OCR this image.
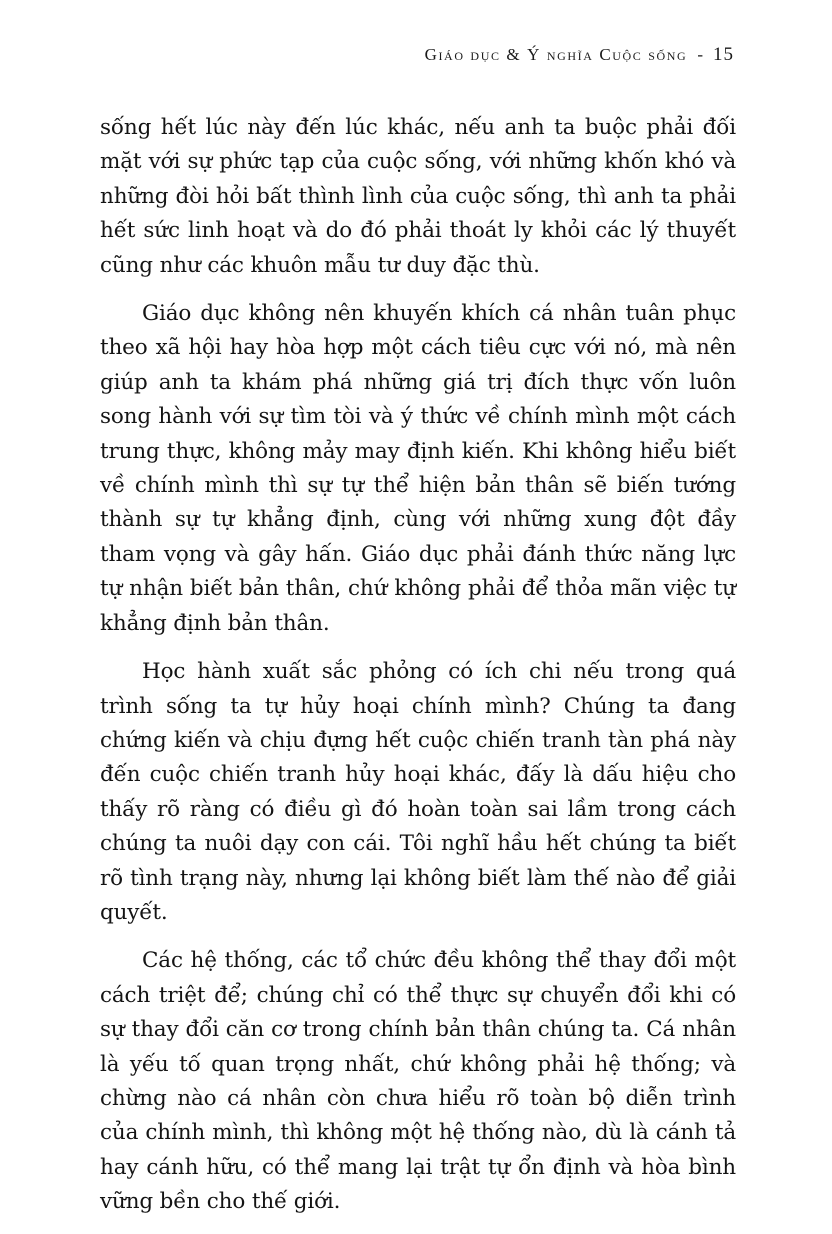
Giáo dục & Ý nghĩa Cuộc sống - 15

sống hết lúc này đến lúc khác, nếu anh ta buộc phải đối mặt với sự phức tạp của cuộc sống, với những khốn khó và những đòi hỏi bất thình lình của cuộc sống, thì anh ta phải hết sức linh hoạt và do đó phải thoát ly khỏi các lý thuyết cũng như các khuôn mẫu tư duy đặc thù.

Giáo dục không nên khuyến khích cá nhân tuân phục theo xã hội hay hòa hợp một cách tiêu cực với nó, mà nên giúp anh ta khám phá những giá trị đích thực vốn luôn song hành với sự tìm tòi và ý thức về chính mình một cách trung thực, không mảy may định kiến. Khi không hiểu biết về chính mình thì sự tự thể hiện bản thân sẽ biến tướng thành sự tự khẳng định, cùng với những xung đột đầy tham vọng và gây hấn. Giáo dục phải đánh thức năng lực tự nhận biết bản thân, chứ không phải để thỏa mãn việc tự khẳng định bản thân.

Học hành xuất sắc phỏng có ích chi nếu trong quá trình sống ta tự hủy hoại chính mình? Chúng ta đang chứng kiến và chịu đựng hết cuộc chiến tranh tàn phá này đến cuộc chiến tranh hủy hoại khác, đấy là dấu hiệu cho thấy rõ ràng có điều gì đó hoàn toàn sai lầm trong cách chúng ta nuôi dạy con cái. Tôi nghĩ hầu hết chúng ta biết rõ tình trạng này, nhưng lại không biết làm thế nào để giải quyết.

Các hệ thống, các tổ chức đều không thể thay đổi một cách triệt để; chúng chỉ có thể thực sự chuyển đổi khi có sự thay đổi căn cơ trong chính bản thân chúng ta. Cá nhân là yếu tố quan trọng nhất, chứ không phải hệ thống; và chừng nào cá nhân còn chưa hiểu rõ toàn bộ diễn trình của chính mình, thì không một hệ thống nào, dù là cánh tả hay cánh hữu, có thể mang lại trật tự ổn định và hòa bình vững bền cho thế giới.
